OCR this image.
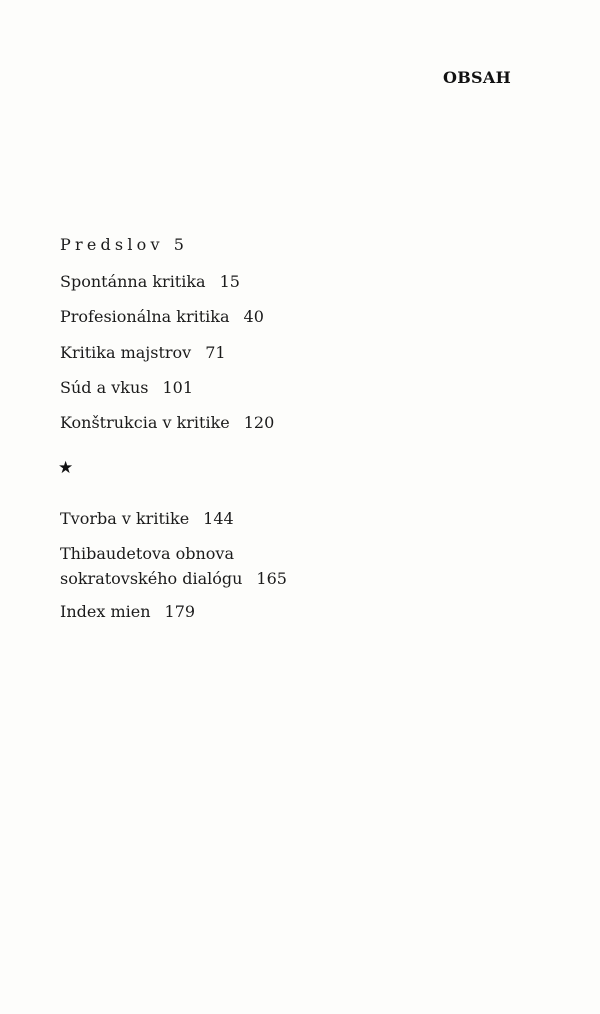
OBSAH
Predslov 5
Spontánna kritika 15
Profesionálna kritika 40
Kritika majstrov 71
Súd a vkus 101
Konštrukcia v kritike 120
Tvorba v kritike 144
Thibaudetova obnova
sokratovského dialógu 165
Index mien 179
★
